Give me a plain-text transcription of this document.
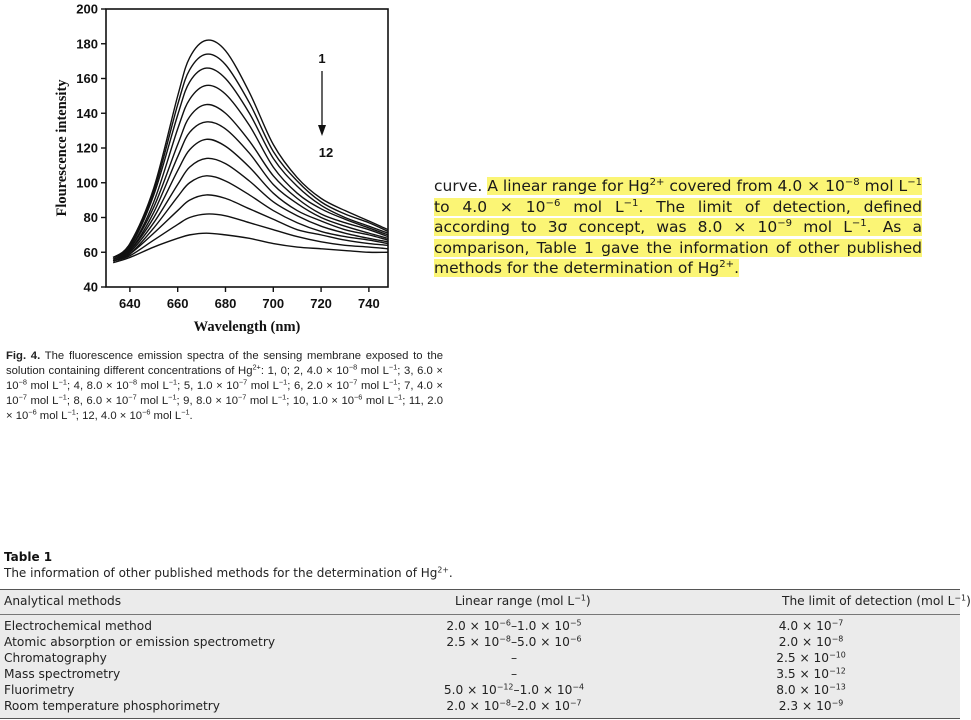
640 660 680 700 720 740
40
60
80
100
120
140
160
180
200
Wavelength (nm)
Flourescence intensity
1
12
curve. A linear range for $Hg^{2+}$ covered from $4.0 \times 10^{-8}$ mol $L^{-1}$ to $4.0 \times 10^{-6}$ mol $L^{-1}$. The limit of detection, defined according to 3σ concept, was $8.0 \times 10^{-9}$ mol $L^{-1}$. As a comparison, Table 1 gave the information of other published methods for the determination of $Hg^{2+}$.
Fig. 4. The fluorescence emission spectra of the sensing membrane exposed to the solution containing different concentrations of $Hg^{2+}$: 1, 0; 2, $4.0 \times 10^{-8}$ mol $L^{-1}$; 3, $6.0 \times 10^{-8}$ mol $L^{-1}$; 4, $8.0 \times 10^{-8}$ mol $L^{-1}$; 5, $1.0 \times 10^{-7}$ mol $L^{-1}$; 6, $2.0 \times 10^{-7}$ mol $L^{-1}$; 7, $4.0 \times 10^{-7}$ mol $L^{-1}$; 8, $6.0 \times 10^{-7}$ mol $L^{-1}$; 9, $8.0 \times 10^{-7}$ mol $L^{-1}$; 10, $1.0 \times 10^{-6}$ mol $L^{-1}$; 11, $2.0 \times 10^{-6}$ mol $L^{-1}$; 12, $4.0 \times 10^{-6}$ mol $L^{-1}$.
Table 1
The information of other published methods for the determination of $Hg^{2+}$.
Analytical methods	Linear range (mol $L^{-1}$)	The limit of detection (mol $L^{-1}$)
Electrochemical method	$2.0 \times 10^{-6}-1.0 \times 10^{-5}$	$4.0 \times 10^{-7}$
Atomic absorption or emission spectrometry	$2.5 \times 10^{-8}-5.0 \times 10^{-6}$	$2.0 \times 10^{-8}$
Chromatography	–	$2.5 \times 10^{-10}$
Mass spectrometry	–	$3.5 \times 10^{-12}$
Fluorimetry	$5.0 \times 10^{-12}-1.0 \times 10^{-4}$	$8.0 \times 10^{-13}$
Room temperature phosphorimetry	$2.0 \times 10^{-8}-2.0 \times 10^{-7}$	$2.3 \times 10^{-9}$
